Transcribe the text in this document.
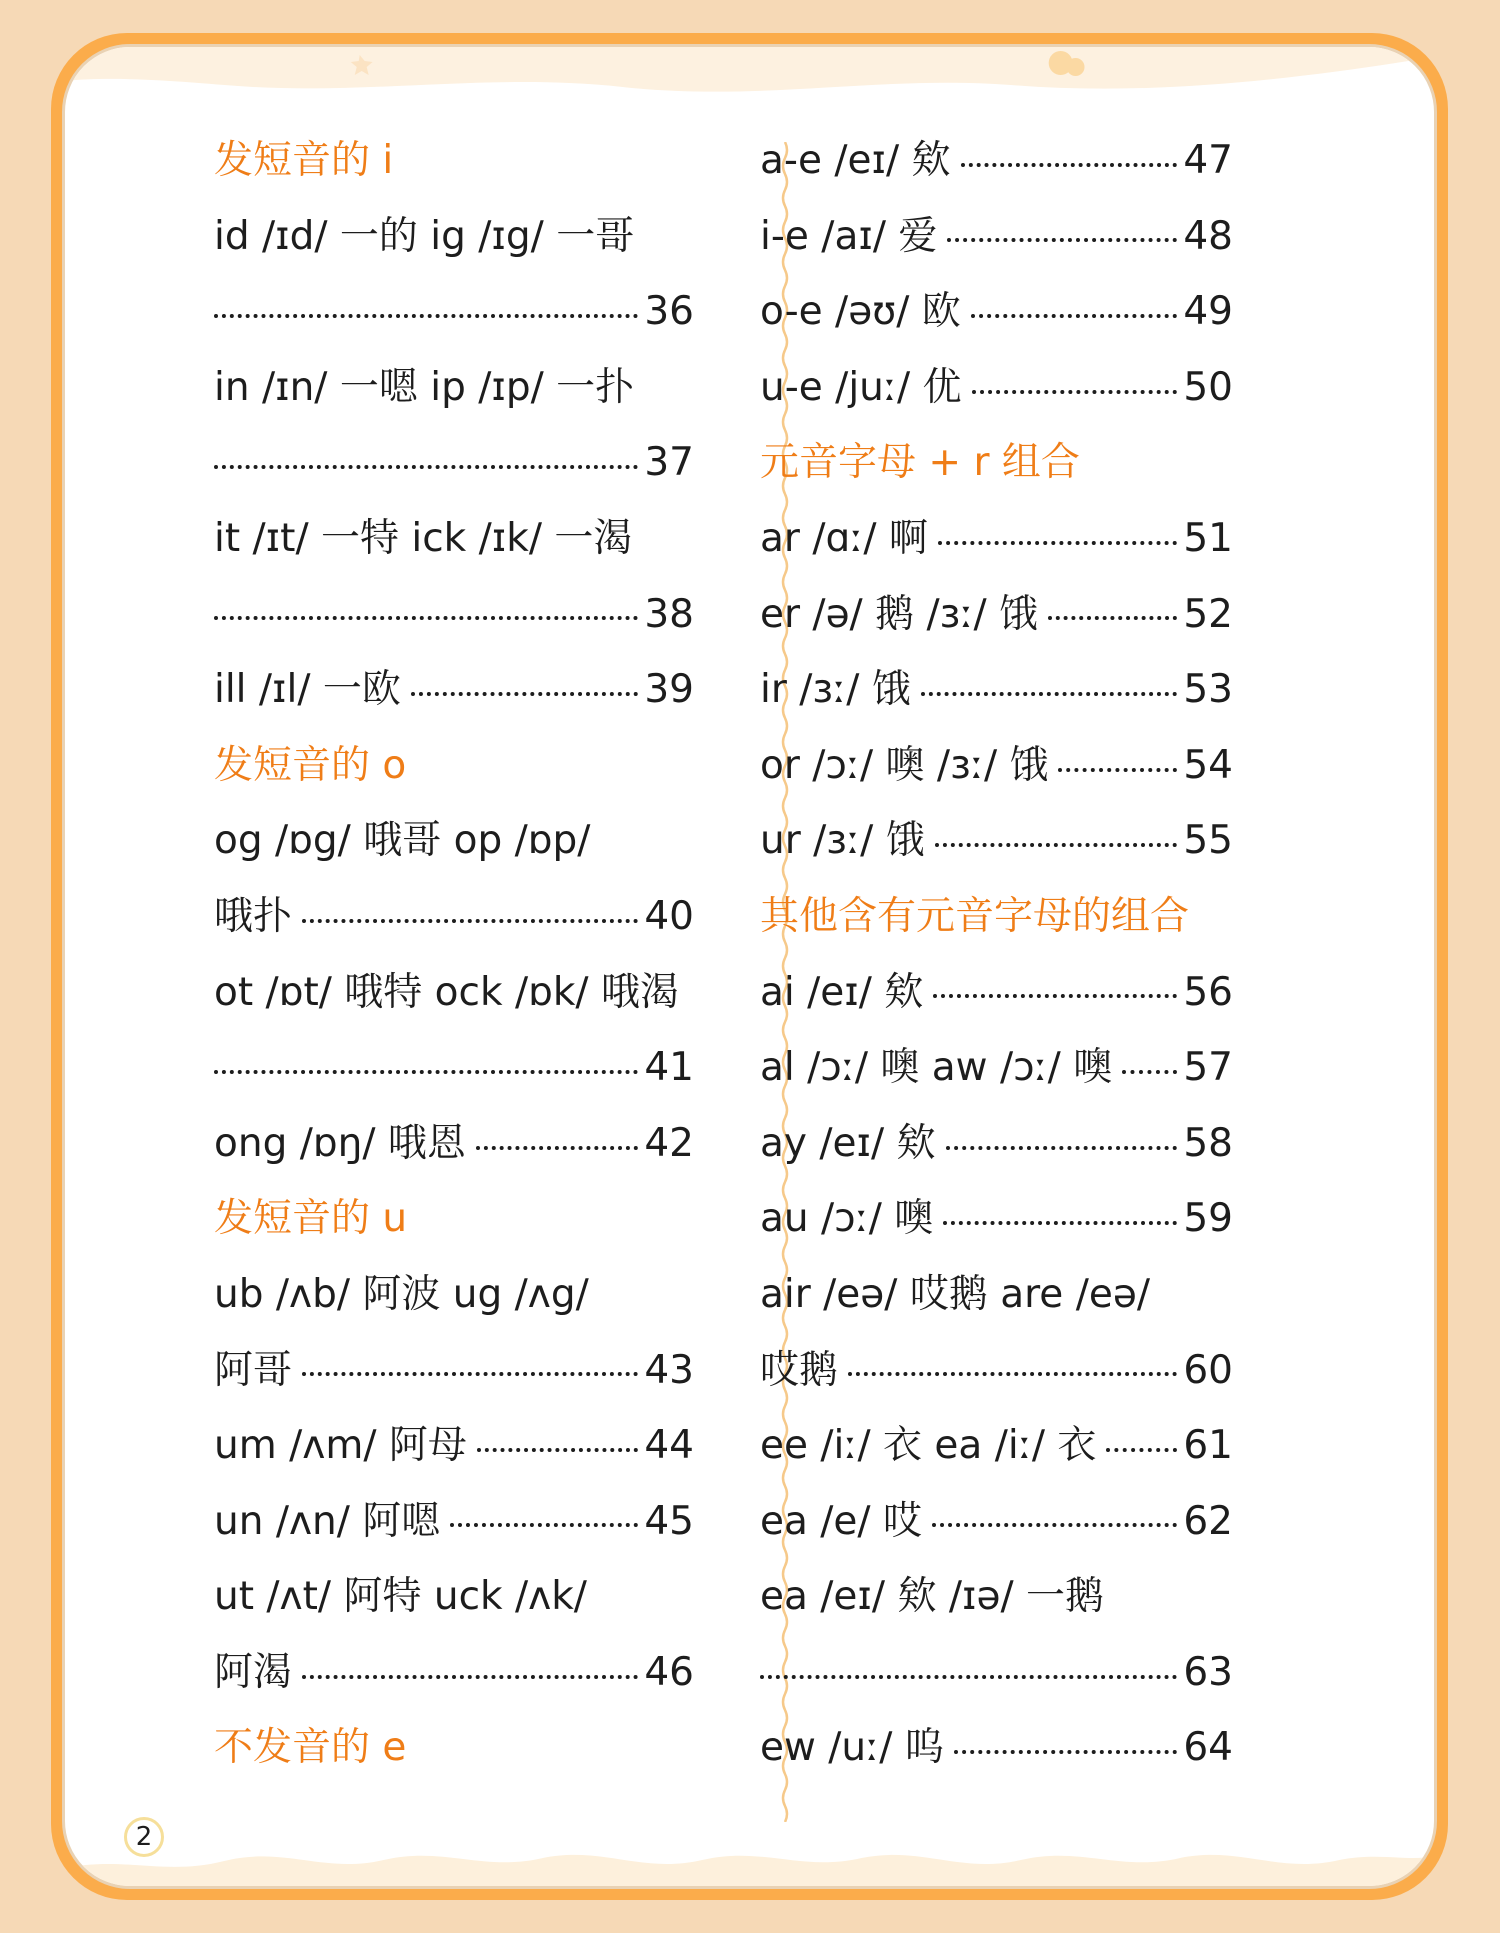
发短音的 i
id /ɪd/ 一的 ig /ɪg/ 一哥
36
in /ɪn/ 一嗯 ip /ɪp/ 一扑
37
it /ɪt/ 一特 ick /ɪk/ 一渴
38
ill /ɪl/ 一欧	39
发短音的 o
og /ɒg/ 哦哥 op /ɒp/
哦扑	40
ot /ɒt/ 哦特 ock /ɒk/ 哦渴
41
ong /ɒŋ/ 哦恩	42
发短音的 u
ub /ʌb/ 阿波 ug /ʌg/
阿哥	43
um /ʌm/ 阿母	44
un /ʌn/ 阿嗯	45
ut /ʌt/ 阿特 uck /ʌk/
阿渴	46
不发音的 e
a-e /eɪ/ 欸	47
i-e /aɪ/ 爱	48
o-e /əʊ/ 欧	49
u-e /juː/ 优	50
元音字母 + r 组合
ar /ɑː/ 啊	51
er /ə/ 鹅 /ɜː/ 饿	52
ir /ɜː/ 饿	53
or /ɔː/ 噢 /ɜː/ 饿	54
ur /ɜː/ 饿	55
其他含有元音字母的组合
ai /eɪ/ 欸	56
al /ɔː/ 噢 aw /ɔː/ 噢 57
ay /eɪ/ 欸	58
au /ɔː/ 噢	59
air /eə/ 哎鹅 are /eə/
哎鹅	60
ee /iː/ 衣 ea /iː/ 衣 61
ea /e/ 哎	62
ea /eɪ/ 欸 /ɪə/ 一鹅
63
ew /uː/ 呜	64
2
